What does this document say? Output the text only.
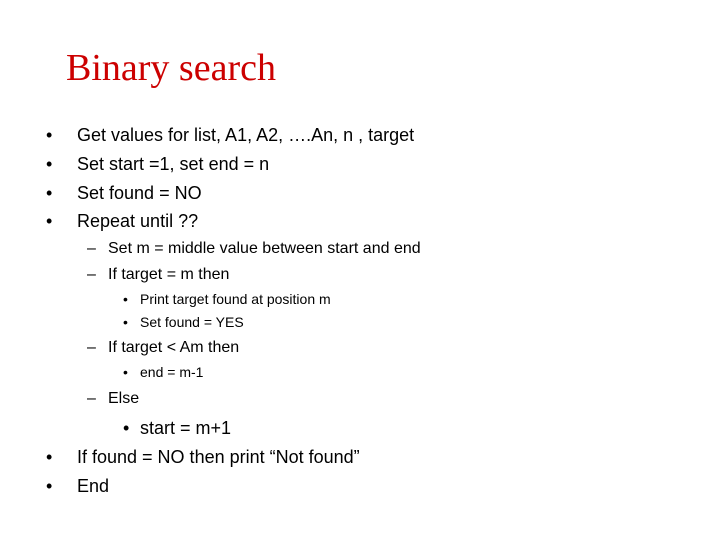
Binary search
• Get values for list, A1, A2, ….An, n , target
• Set start =1, set end = n
• Set found = NO
• Repeat until ??
– Set m = middle value between start and end
– If target = m then
• Print target found at position m
• Set found = YES
– If target < Am then
• end = m-1
– Else
• start = m+1
• If found = NO then print “Not found”
• End
